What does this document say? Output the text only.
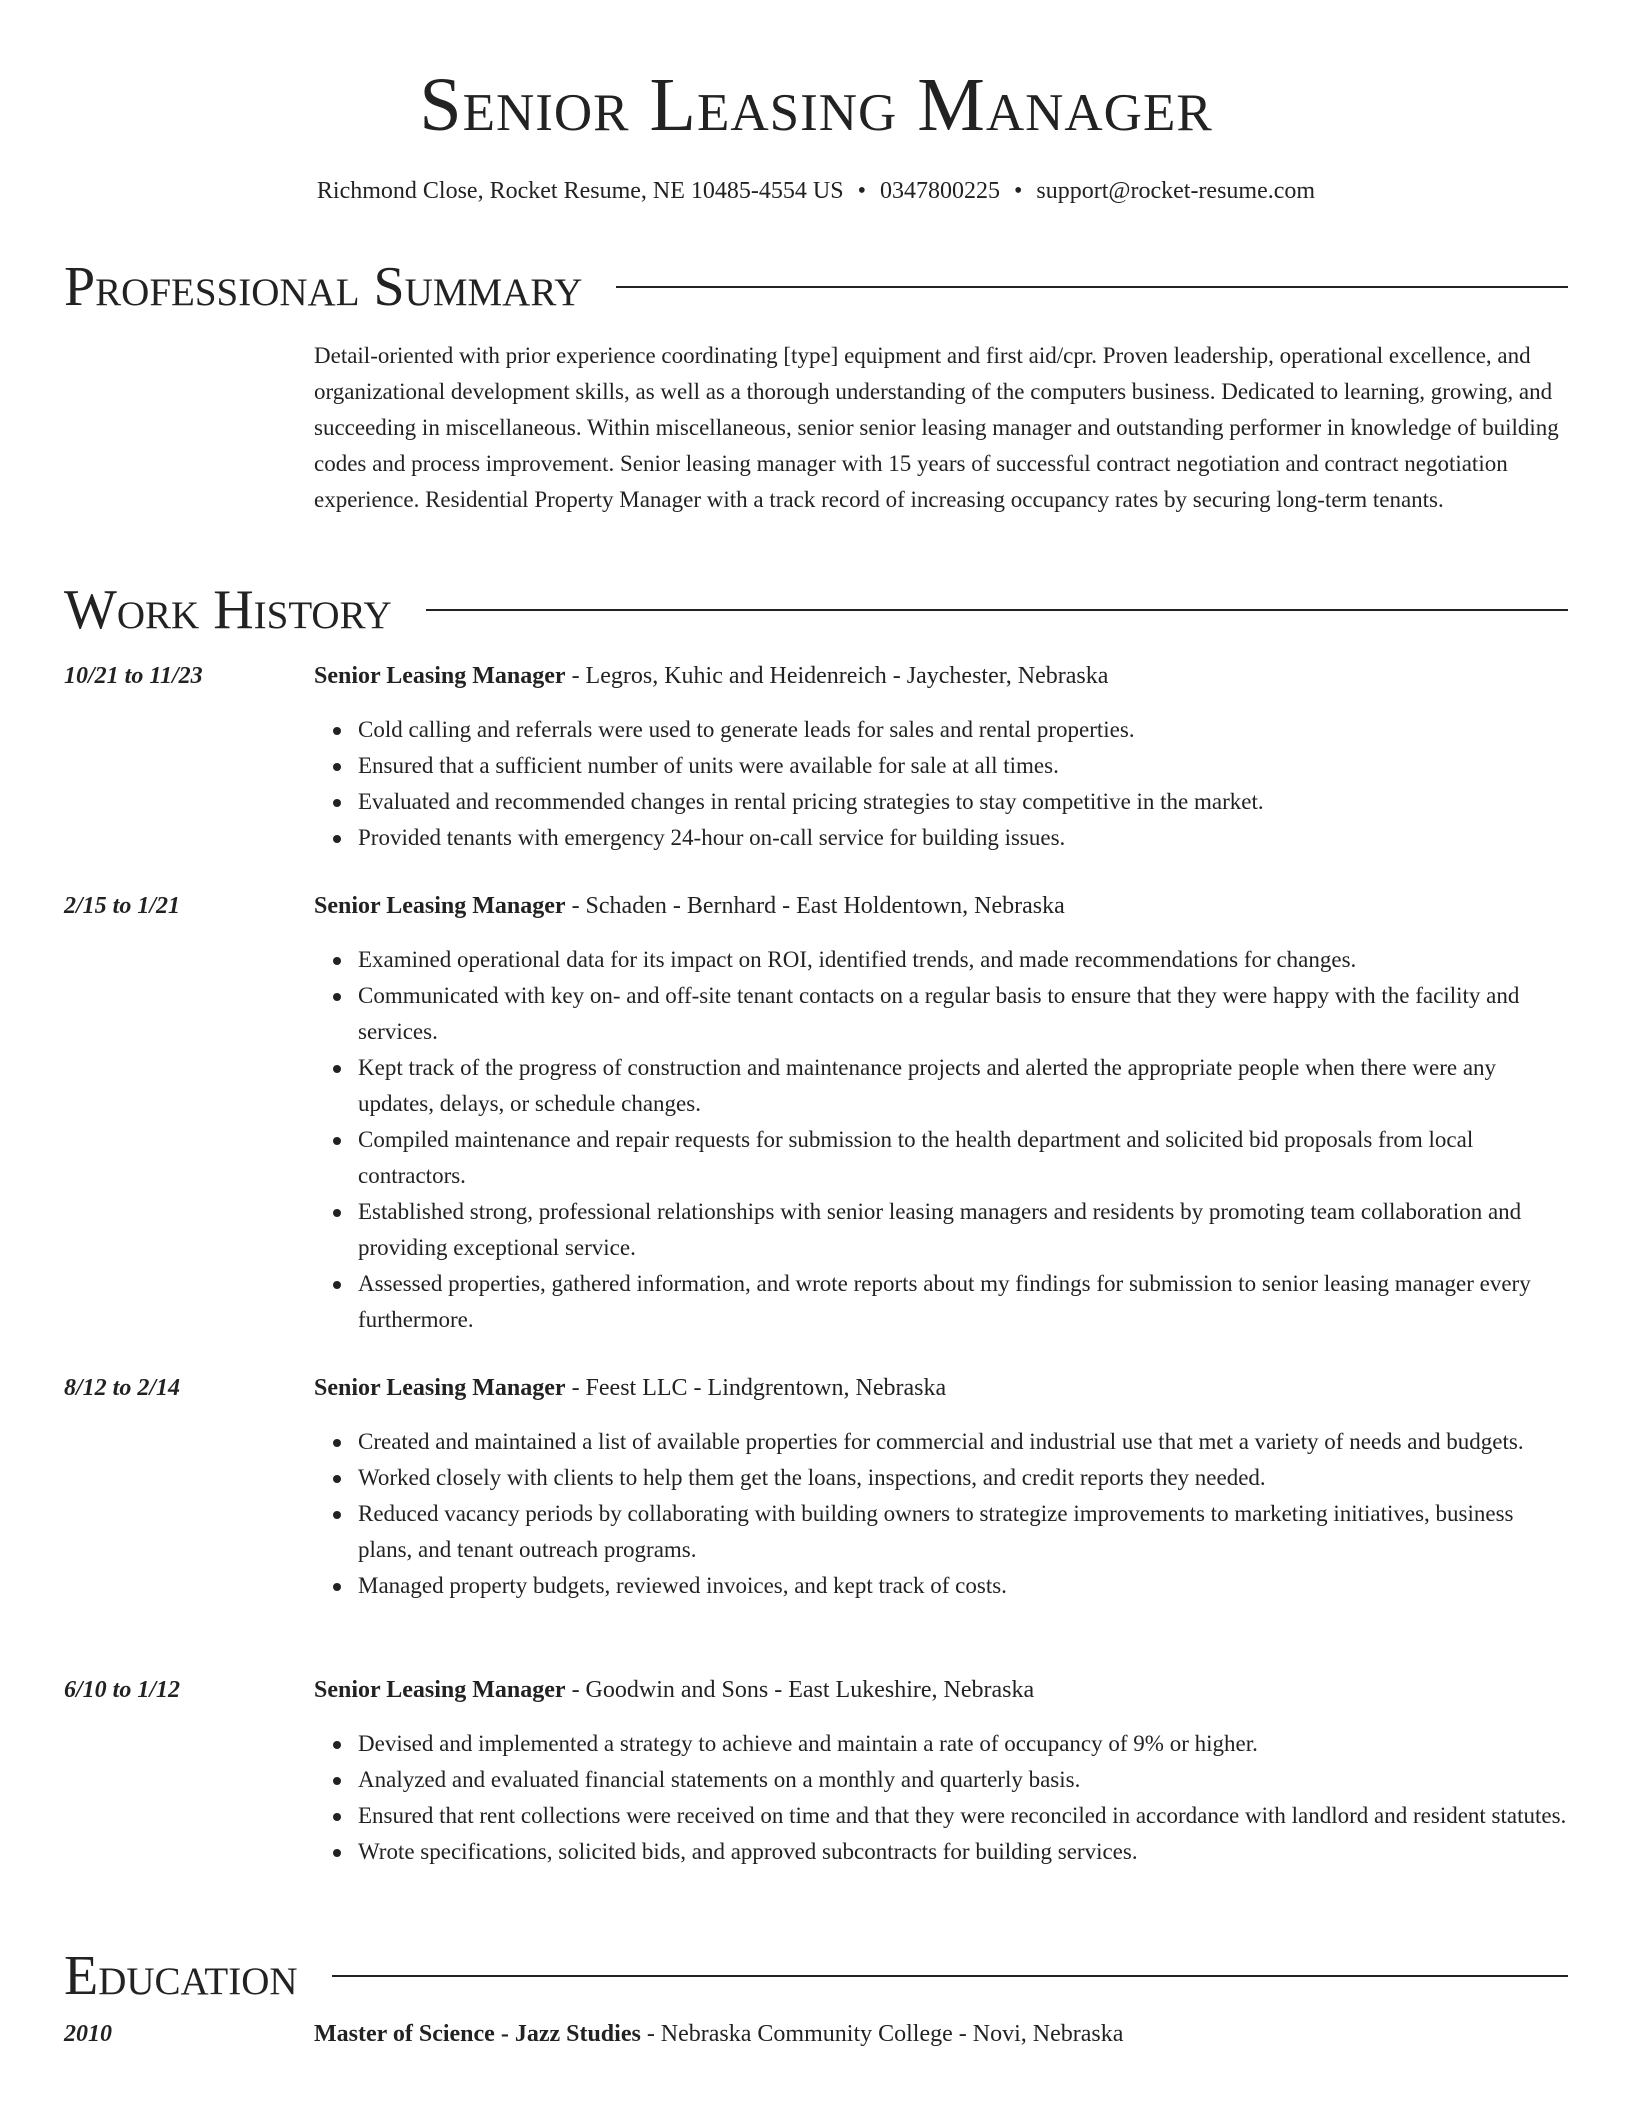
Senior Leasing Manager
Richmond Close, Rocket Resume, NE 10485-4554 US • 0347800225 • support@rocket-resume.com
Professional Summary

Detail-oriented with prior experience coordinating [type] equipment and first aid/cpr. Proven leadership, operational excellence, and organizational development skills, as well as a thorough understanding of the computers business. Dedicated to learning, growing, and succeeding in miscellaneous. Within miscellaneous, senior senior leasing manager and outstanding performer in knowledge of building codes and process improvement. Senior leasing manager with 15 years of successful contract negotiation and contract negotiation experience. Residential Property Manager with a track record of increasing occupancy rates by securing long-term tenants.

Work History
10/21 to 11/23	Senior Leasing Manager - Legros, Kuhic and Heidenreich - Jaychester, Nebraska
Cold calling and referrals were used to generate leads for sales and rental properties.
Ensured that a sufficient number of units were available for sale at all times.
Evaluated and recommended changes in rental pricing strategies to stay competitive in the market.
Provided tenants with emergency 24-hour on-call service for building issues.
2/15 to 1/21	Senior Leasing Manager - Schaden - Bernhard - East Holdentown, Nebraska
Examined operational data for its impact on ROI, identified trends, and made recommendations for changes.
Communicated with key on- and off-site tenant contacts on a regular basis to ensure that they were happy with the facility and services.
Kept track of the progress of construction and maintenance projects and alerted the appropriate people when there were any updates, delays, or schedule changes.
Compiled maintenance and repair requests for submission to the health department and solicited bid proposals from local contractors.
Established strong, professional relationships with senior leasing managers and residents by promoting team collaboration and providing exceptional service.
Assessed properties, gathered information, and wrote reports about my findings for submission to senior leasing manager every furthermore.
8/12 to 2/14	Senior Leasing Manager - Feest LLC - Lindgrentown, Nebraska
Created and maintained a list of available properties for commercial and industrial use that met a variety of needs and budgets.
Worked closely with clients to help them get the loans, inspections, and credit reports they needed.
Reduced vacancy periods by collaborating with building owners to strategize improvements to marketing initiatives, business plans, and tenant outreach programs.
Managed property budgets, reviewed invoices, and kept track of costs.
6/10 to 1/12	Senior Leasing Manager - Goodwin and Sons - East Lukeshire, Nebraska
Devised and implemented a strategy to achieve and maintain a rate of occupancy of 9% or higher.
Analyzed and evaluated financial statements on a monthly and quarterly basis.
Ensured that rent collections were received on time and that they were reconciled in accordance with landlord and resident statutes.
Wrote specifications, solicited bids, and approved subcontracts for building services.
Education
2010	Master of Science - Jazz Studies - Nebraska Community College - Novi, Nebraska
